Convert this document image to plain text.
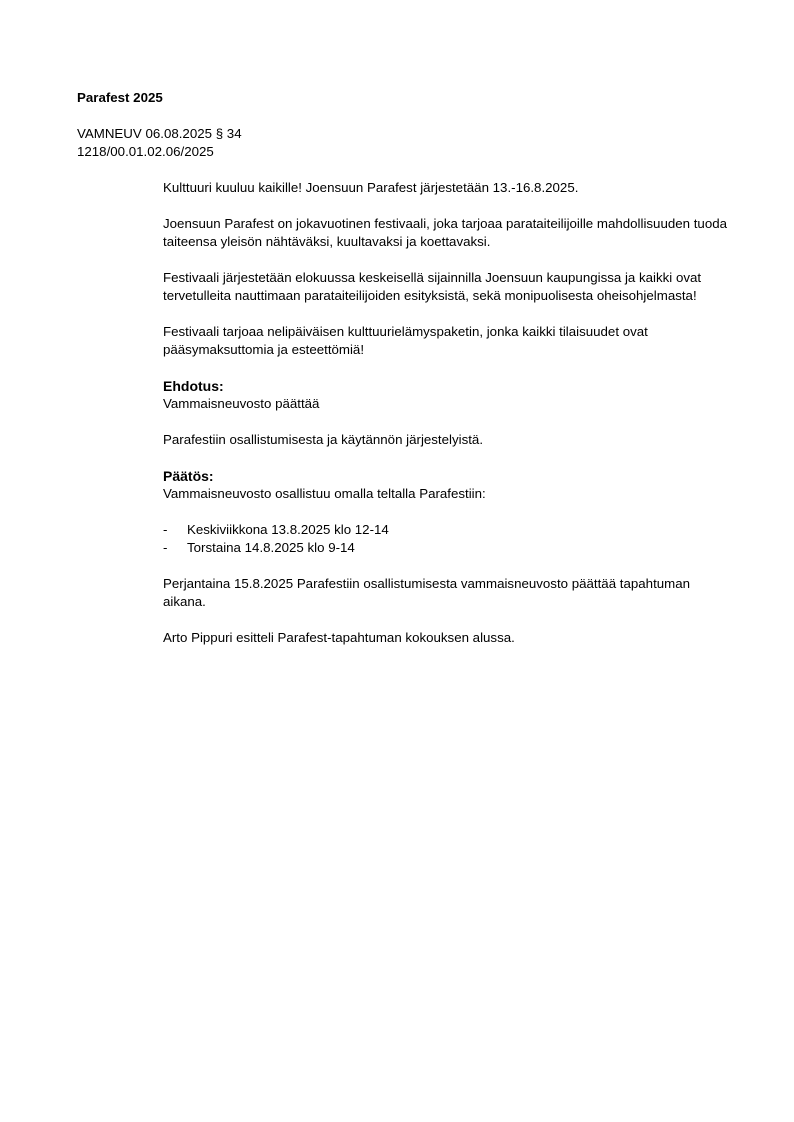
Parafest 2025
VAMNEUV 06.08.2025 § 34
1218/00.01.02.06/2025

Kulttuuri kuuluu kaikille! Joensuun Parafest järjestetään 13.-16.8.2025.

Joensuun Parafest on jokavuotinen festivaali, joka tarjoaa parataiteilijoille mahdollisuuden tuoda taiteensa yleisön nähtäväksi, kuultavaksi ja koettavaksi.

Festivaali järjestetään elokuussa keskeisellä sijainnilla Joensuun kaupungissa ja kaikki ovat tervetulleita nauttimaan parataiteilijoiden esityksistä, sekä monipuolisesta oheisohjelmasta!

Festivaali tarjoaa nelipäiväisen kulttuurielämyspaketin, jonka kaikki tilaisuudet ovat pääsymaksuttomia ja esteettömiä!

Ehdotus:
Vammaisneuvosto päättää

Parafestiin osallistumisesta ja käytännön järjestelyistä.

Päätös:
Vammaisneuvosto osallistuu omalla teltalla Parafestiin:
- Keskiviikkona 13.8.2025 klo 12-14
- Torstaina 14.8.2025 klo 9-14

Perjantaina 15.8.2025 Parafestiin osallistumisesta vammaisneuvosto päättää tapahtuman aikana.

Arto Pippuri esitteli Parafest-tapahtuman kokouksen alussa.
